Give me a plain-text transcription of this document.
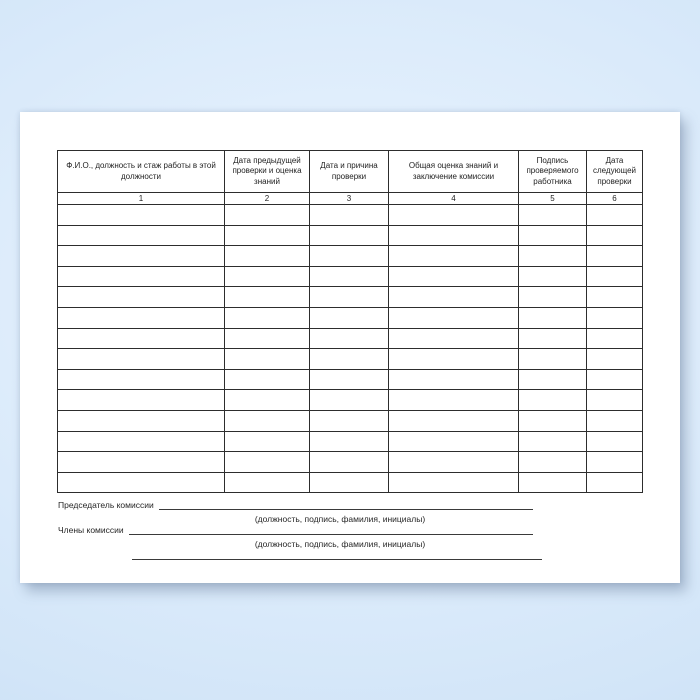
Ф.И.О., должность и стаж работы в этой должности	Дата предыдущей проверки и оценка знаний	Дата и причина проверки	Общая оценка знаний и заключение комиссии	Подпись проверяемого работника	Дата следующей проверки
1	2	3	4	5	6

Председатель комиссии
(должность, подпись, фамилия, инициалы)
Члены комиссии
(должность, подпись, фамилия, инициалы)
